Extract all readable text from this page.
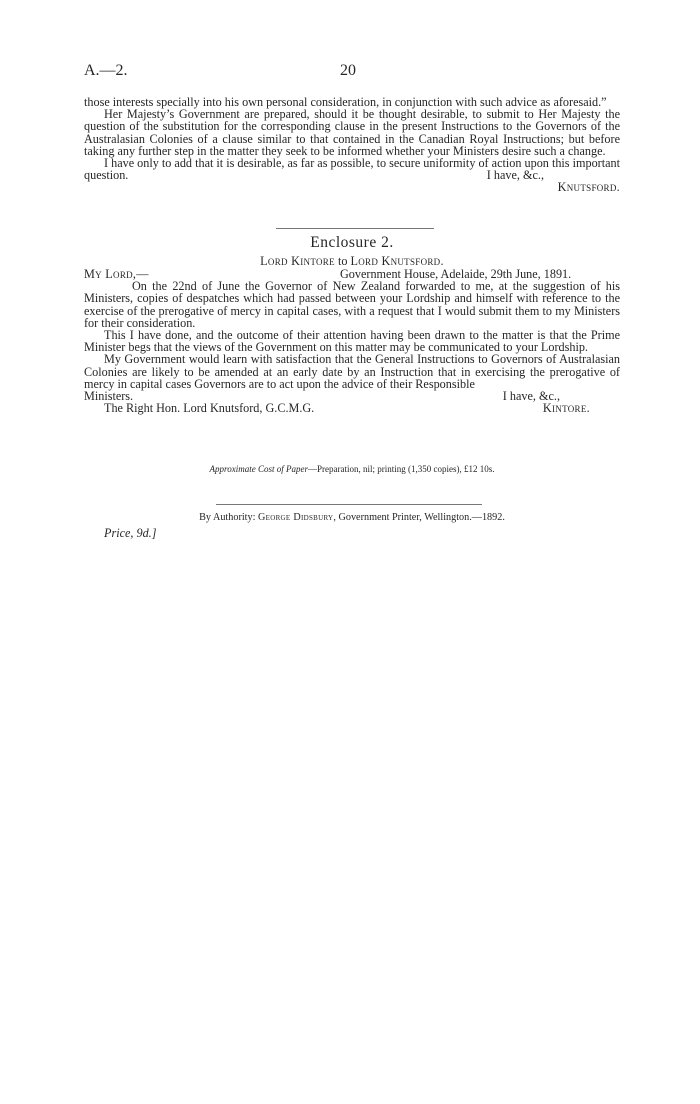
A.—2.	20

those interests specially into his own personal consideration, in conjunction with such advice as aforesaid.”

Her Majesty’s Government are prepared, should it be thought desirable, to submit to Her Majesty the question of the substitution for the corresponding clause in the present Instructions to the Governors of the Australasian Colonies of a clause similar to that contained in the Canadian Royal Instructions; but before taking any further step in the matter they seek to be informed whether your Ministers desire such a change.

I have only to add that it is desirable, as far as possible, to secure uniformity of action upon this important question.	I have, &c.,

Knutsford.

Enclosure 2.
Lord Kintore to Lord Knutsford.

My Lord,—	Government House, Adelaide, 29th June, 1891.

On the 22nd of June the Governor of New Zealand forwarded to me, at the suggestion of his Ministers, copies of despatches which had passed between your Lordship and himself with reference to the exercise of the prerogative of mercy in capital cases, with a request that I would submit them to my Ministers for their consideration.

This I have done, and the outcome of their attention having been drawn to the matter is that the Prime Minister begs that the views of the Government on this matter may be communicated to your Lordship.

My Government would learn with satisfaction that the General Instructions to Governors of Australasian Colonies are likely to be amended at an early date by an Instruction that in exercising the prerogative of mercy in capital cases Governors are to act upon the advice of their Responsible

Ministers.	I have, &c.,

The Right Hon. Lord Knutsford, G.C.M.G.	Kintore.

Approximate Cost of Paper—Preparation, nil; printing (1,350 copies), £12 10s.
By Authority: George Didsbury, Government Printer, Wellington.—1892.
Price, 9d.]
